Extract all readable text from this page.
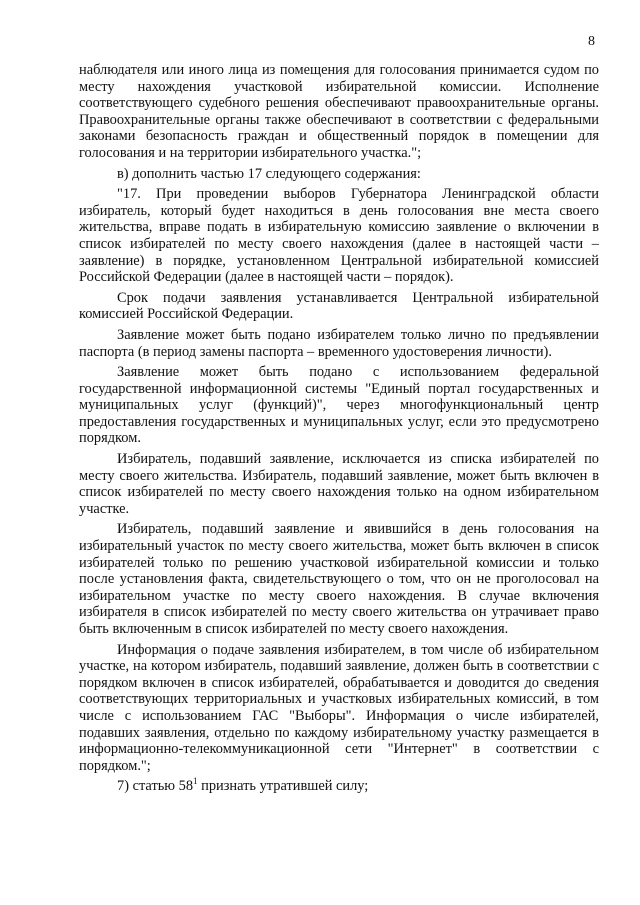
8

наблюдателя или иного лица из помещения для голосования принимается судом по месту нахождения участковой избирательной комиссии. Исполнение соответствующего судебного решения обеспечивают правоохранительные органы. Правоохранительные органы также обеспечивают в соответствии с федеральными законами безопасность граждан и общественный порядок в помещении для голосования и на территории избирательного участка.";

в) дополнить частью 17 следующего содержания:

"17. При проведении выборов Губернатора Ленинградской области избиратель, который будет находиться в день голосования вне места своего жительства, вправе подать в избирательную комиссию заявление о включении в список избирателей по месту своего нахождения (далее в настоящей части – заявление) в порядке, установленном Центральной избирательной комиссией Российской Федерации (далее в настоящей части – порядок).

Срок подачи заявления устанавливается Центральной избирательной комиссией Российской Федерации.

Заявление может быть подано избирателем только лично по предъявлении паспорта (в период замены паспорта – временного удостоверения личности).

Заявление может быть подано с использованием федеральной государственной информационной системы "Единый портал государственных и муниципальных услуг (функций)", через многофункциональный центр предоставления государственных и муниципальных услуг, если это предусмотрено порядком.

Избиратель, подавший заявление, исключается из списка избирателей по месту своего жительства. Избиратель, подавший заявление, может быть включен в список избирателей по месту своего нахождения только на одном избирательном участке.

Избиратель, подавший заявление и явившийся в день голосования на избирательный участок по месту своего жительства, может быть включен в список избирателей только по решению участковой избирательной комиссии и только после установления факта, свидетельствующего о том, что он не проголосовал на избирательном участке по месту своего нахождения. В случае включения избирателя в список избирателей по месту своего жительства он утрачивает право быть включенным в список избирателей по месту своего нахождения.

Информация о подаче заявления избирателем, в том числе об избирательном участке, на котором избиратель, подавший заявление, должен быть в соответствии с порядком включен в список избирателей, обрабатывается и доводится до сведения соответствующих территориальных и участковых избирательных комиссий, в том числе с использованием ГАС "Выборы". Информация о числе избирателей, подавших заявления, отдельно по каждому избирательному участку размещается в информационно-телекоммуникационной сети "Интернет" в соответствии с порядком.";

7) статью $58^1$ признать утратившей силу;
